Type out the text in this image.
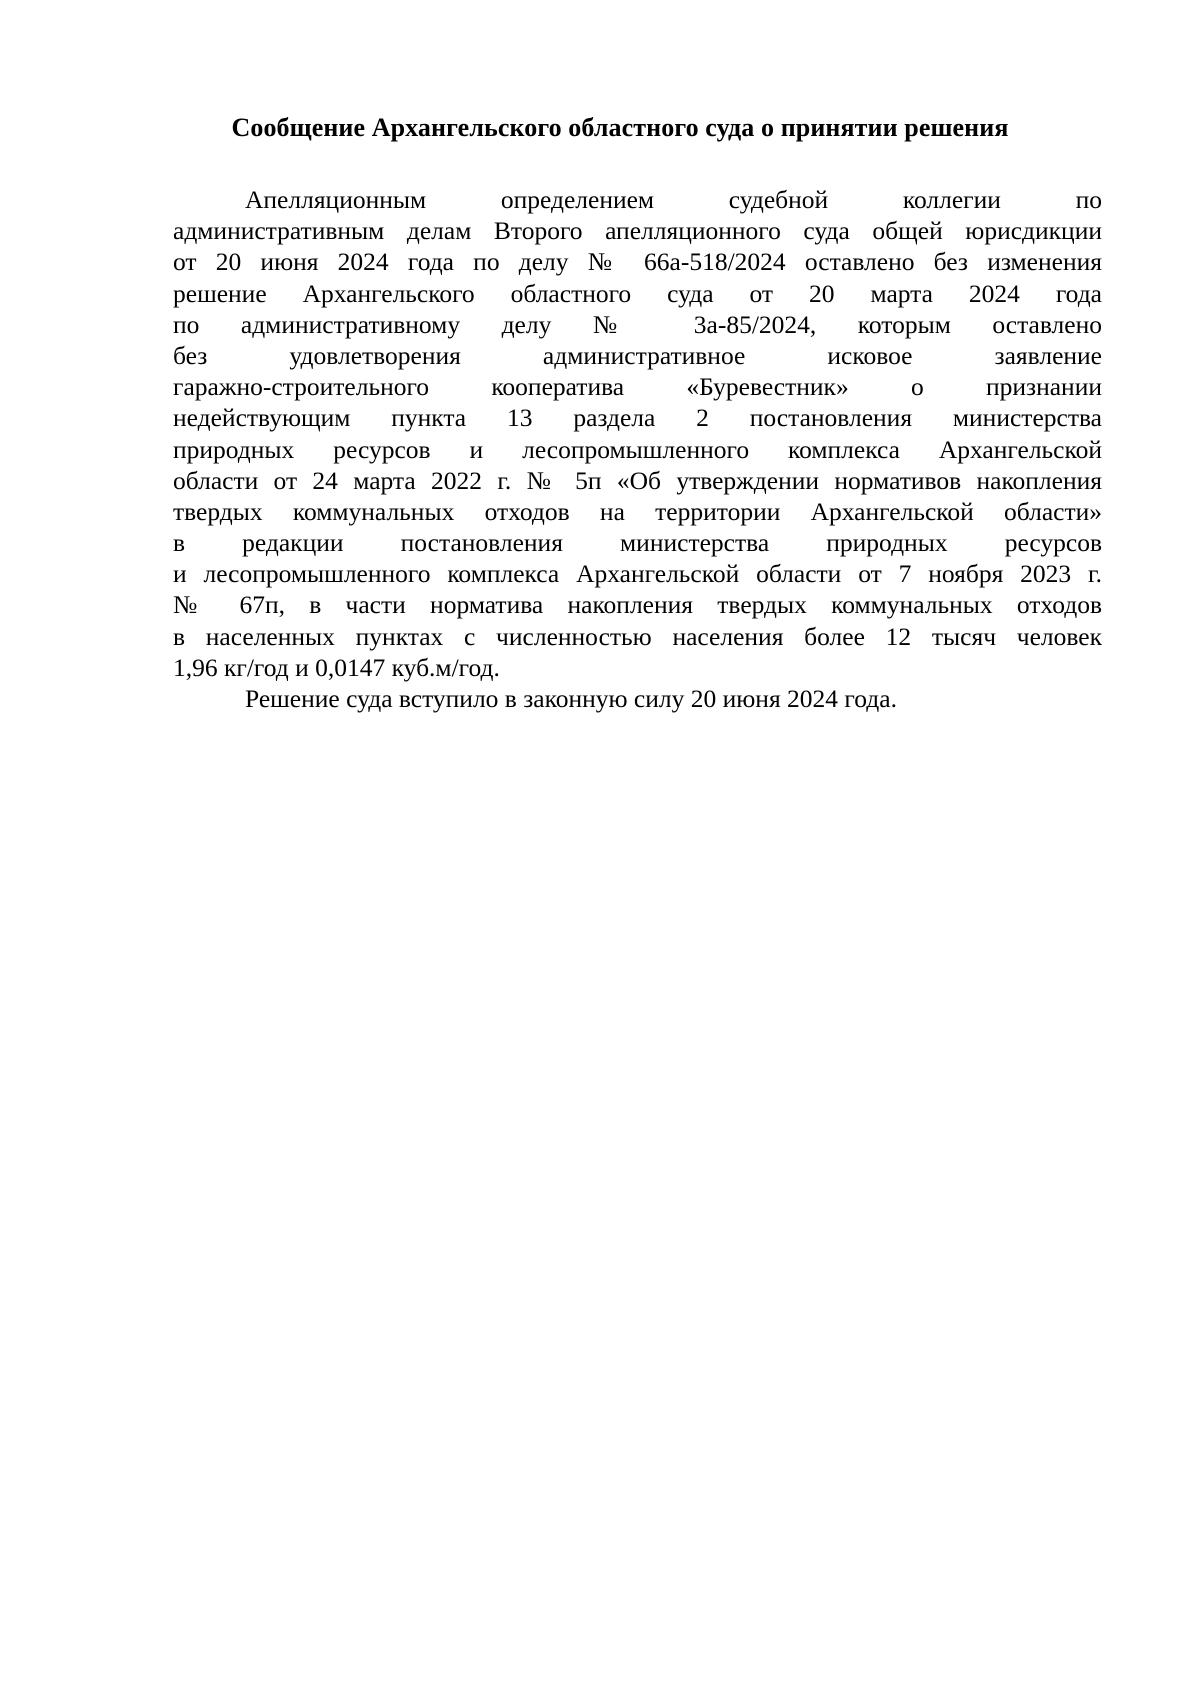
Сообщение Архангельского областного суда о принятии решения
Апелляционным определением судебной коллегии по
административным делам Второго апелляционного суда общей юрисдикции
от 20 июня 2024 года по делу № 66а-518/2024 оставлено без изменения
решение Архангельского областного суда от 20 марта 2024 года
по административному делу № 3а-85/2024, которым оставлено
без удовлетворения административное исковое заявление
гаражно-строительного кооператива «Буревестник» о признании
недействующим пункта 13 раздела 2 постановления министерства
природных ресурсов и лесопромышленного комплекса Архангельской
области от 24 марта 2022 г. № 5п «Об утверждении нормативов накопления
твердых коммунальных отходов на территории Архангельской области»
в редакции постановления министерства природных ресурсов
и лесопромышленного комплекса Архангельской области от 7 ноября 2023 г.
№ 67п, в части норматива накопления твердых коммунальных отходов
в населенных пунктах с численностью населения более 12 тысяч человек
1,96 кг/год и 0,0147 куб.м/год.
Решение суда вступило в законную силу 20 июня 2024 года.
